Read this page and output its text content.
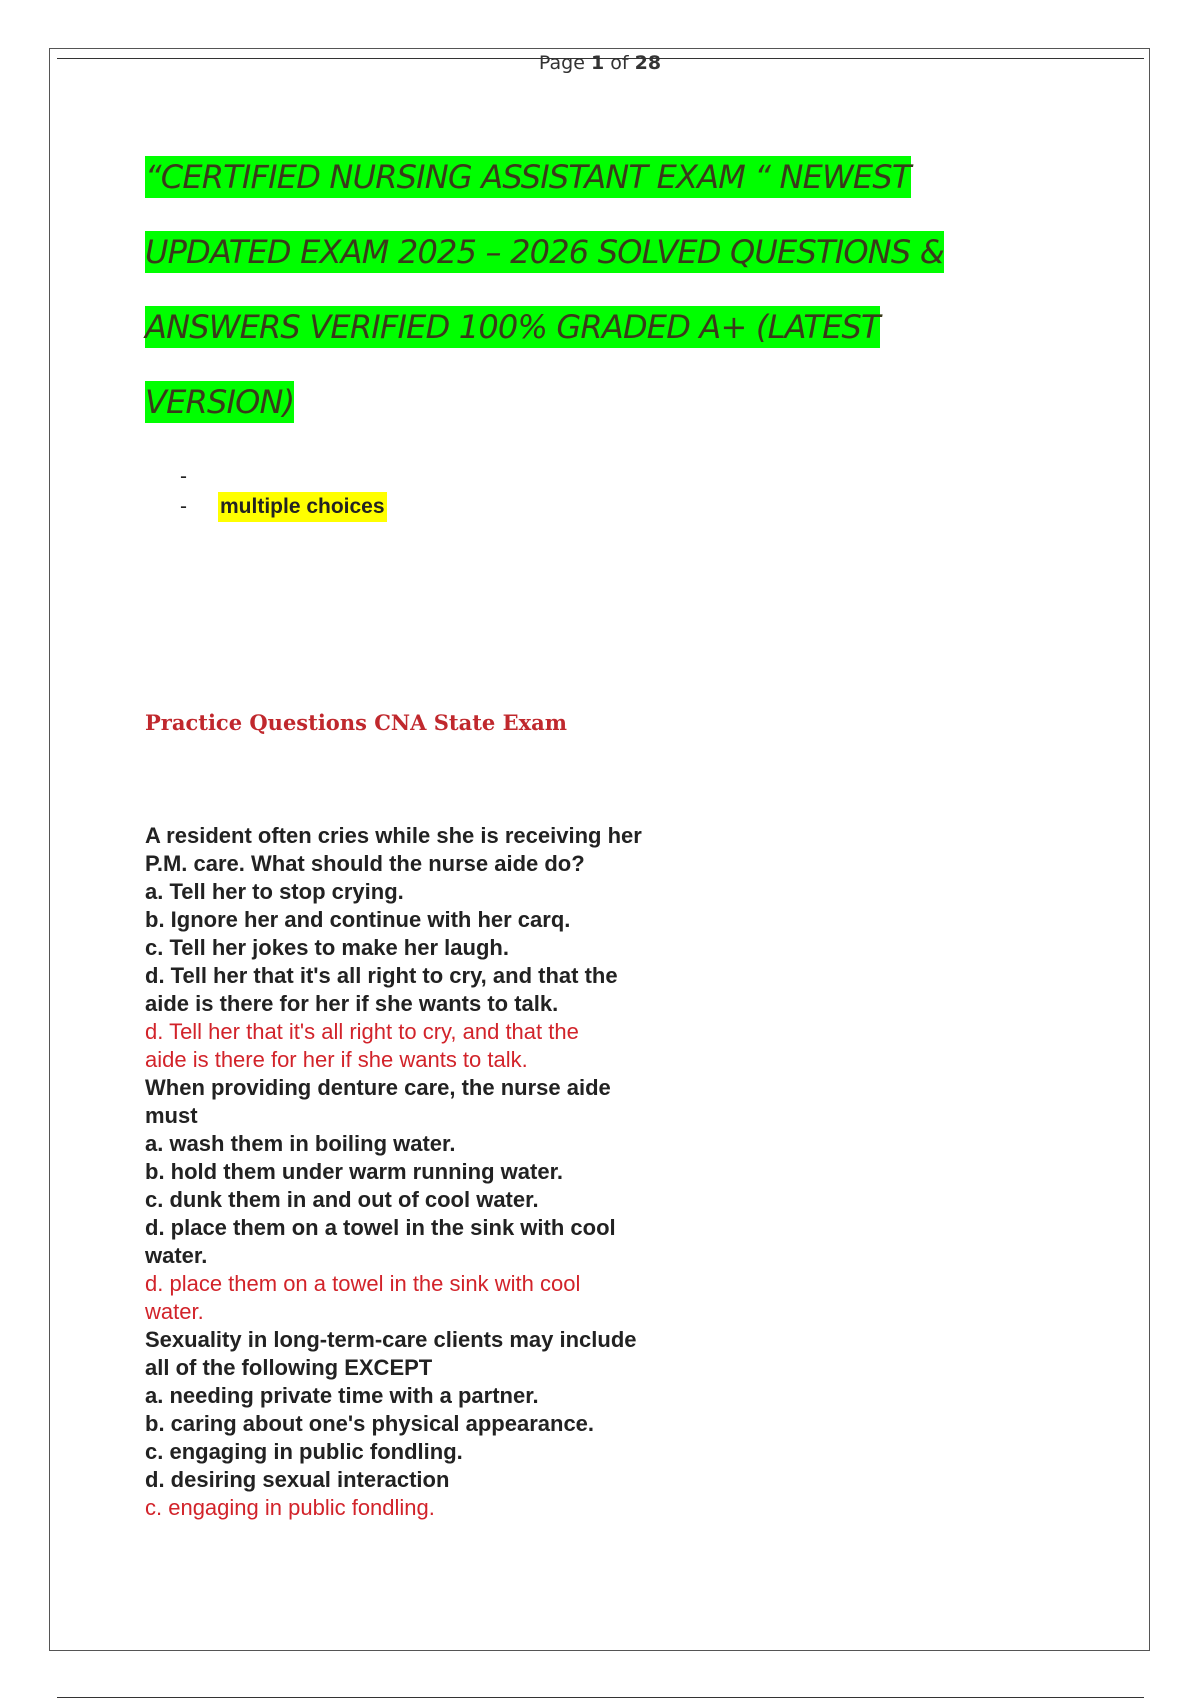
Page 1 of 28
“CERTIFIED NURSING ASSISTANT EXAM “ NEWEST
UPDATED EXAM 2025 – 2026 SOLVED QUESTIONS &
ANSWERS VERIFIED 100% GRADED A+ (LATEST
VERSION)
-
-	multiple choices
Practice Questions CNA State Exam
A resident often cries while she is receiving her
P.M. care. What should the nurse aide do?
a. Tell her to stop crying.
b. Ignore her and continue with her carq.
c. Tell her jokes to make her laugh.
d. Tell her that it's all right to cry, and that the
aide is there for her if she wants to talk.
d. Tell her that it's all right to cry, and that the
aide is there for her if she wants to talk.
When providing denture care, the nurse aide
must
a. wash them in boiling water.
b. hold them under warm running water.
c. dunk them in and out of cool water.
d. place them on a towel in the sink with cool
water.
d. place them on a towel in the sink with cool
water.
Sexuality in long-term-care clients may include
all of the following EXCEPT
a. needing private time with a partner.
b. caring about one's physical appearance.
c. engaging in public fondling.
d. desiring sexual interaction
c. engaging in public fondling.
